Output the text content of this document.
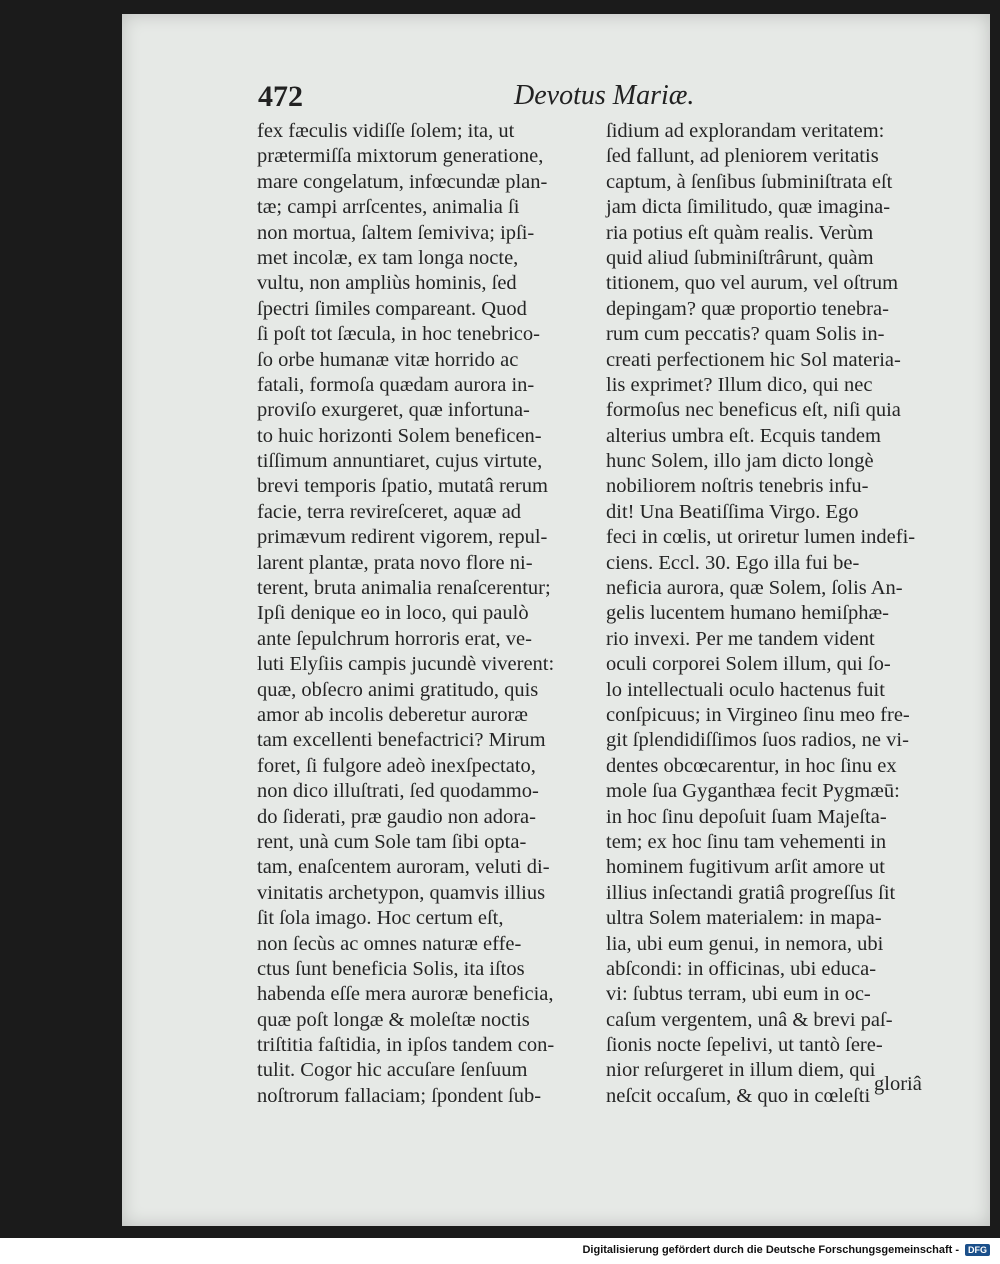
472	Devotus Mariæ.
fex fæculis vidiſſe ſolem; ita, ut
prætermiſſa mixtorum generatione,
mare congelatum, infœcundæ plan-
tæ; campi arrſcentes, animalia ſi
non mortua, ſaltem ſemiviva; ipſi-
met incolæ, ex tam longa nocte,
vultu, non ampliùs hominis, ſed
ſpectri ſimiles compareant. Quod
ſi poſt tot ſæcula, in hoc tenebrico-
ſo orbe humanæ vitæ horrido ac
fatali, formoſa quædam aurora in-
proviſo exurgeret, quæ infortuna-
to huic horizonti Solem beneficen-
tiſſimum annuntiaret, cujus virtute,
brevi temporis ſpatio, mutatâ rerum
facie, terra revireſceret, aquæ ad
primævum redirent vigorem, repul-
larent plantæ, prata novo flore ni-
terent, bruta animalia renaſcerentur;
Ipſi denique eo in loco, qui paulò
ante ſepulchrum horroris erat, ve-
luti Elyſiis campis jucundè viverent:
quæ, obſecro animi gratitudo, quis
amor ab incolis deberetur auroræ
tam excellenti benefactrici? Mirum
foret, ſi fulgore adeò inexſpectato,
non dico illuſtrati, ſed quodammo-
do ſiderati, præ gaudio non adora-
rent, unà cum Sole tam ſibi opta-
tam, enaſcentem auroram, veluti di-
vinitatis archetypon, quamvis illius
ſit ſola imago. Hoc certum eſt,
non ſecùs ac omnes naturæ effe-
ctus ſunt beneficia Solis, ita iſtos
habenda eſſe mera auroræ beneficia,
quæ poſt longæ & moleſtæ noctis
triſtitia faſtidia, in ipſos tandem con-
tulit. Cogor hic accuſare ſenſuum
noſtrorum fallaciam; ſpondent ſub-
ſidium ad explorandam veritatem:
ſed fallunt, ad pleniorem veritatis
captum, à ſenſibus ſubminiſtrata eſt
jam dicta ſimilitudo, quæ imagina-
ria potius eſt quàm realis. Verùm
quid aliud ſubminiſtrârunt, quàm
titionem, quo vel aurum, vel oſtrum
depingam? quæ proportio tenebra-
rum cum peccatis? quam Solis in-
creati perfectionem hic Sol materia-
lis exprimet? Illum dico, qui nec
formoſus nec beneficus eſt, niſi quia
alterius umbra eſt. Ecquis tandem
hunc Solem, illo jam dicto longè
nobiliorem noſtris tenebris infu-
dit! Una Beatiſſima Virgo. Ego
feci in cœlis, ut oriretur lumen indefi-
ciens. Eccl. 30. Ego illa fui be-
neficia aurora, quæ Solem, ſolis An-
gelis lucentem humano hemiſphæ-
rio invexi. Per me tandem vident
oculi corporei Solem illum, qui ſo-
lo intellectuali oculo hactenus fuit
conſpicuus; in Virgineo ſinu meo fre-
git ſplendidiſſimos ſuos radios, ne vi-
dentes obcœcarentur, in hoc ſinu ex
mole ſua Gyganthæa fecit Pygmæū:
in hoc ſinu depoſuit ſuam Majeſta-
tem; ex hoc ſinu tam vehementi in
hominem fugitivum arſit amore ut
illius inſectandi gratiâ progreſſus ſit
ultra Solem materialem: in mapa-
lia, ubi eum genui, in nemora, ubi
abſcondi: in officinas, ubi educa-
vi: ſubtus terram, ubi eum in oc-
caſum vergentem, unâ & brevi paſ-
ſionis nocte ſepelivi, ut tantò ſere-
nior reſurgeret in illum diem, qui
neſcit occaſum, & quo in cœleſti
gloriâ
Digitalisierung gefördert durch die Deutsche Forschungsgemeinschaft -	DFG
